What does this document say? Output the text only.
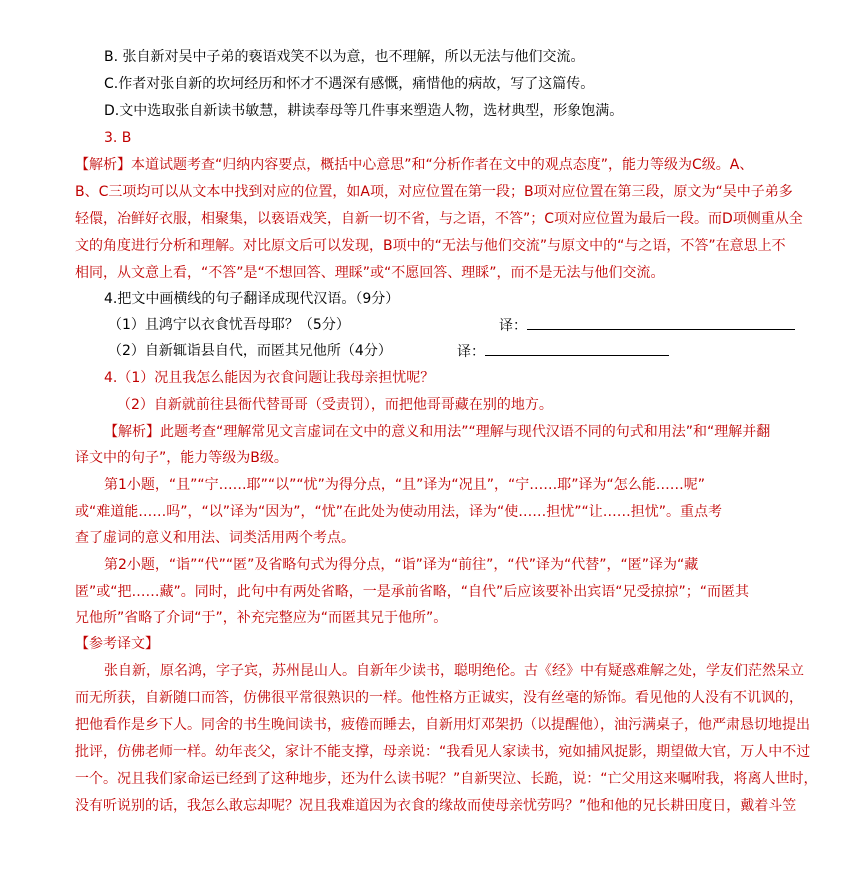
B. 张自新对吴中子弟的亵语戏笑不以为意，也不理解，所以无法与他们交流。
C.作者对张自新的坎坷经历和怀才不遇深有感慨，痛惜他的病故，写了这篇传。
D.文中选取张自新读书敏慧，耕读奉母等几件事来塑造人物，选材典型，形象饱满。
3. B
【解析】本道试题考查“归纳内容要点，概括中心意思”和“分析作者在文中的观点态度”，能力等级为C级。A、
B、C三项均可以从文本中找到对应的位置，如A项，对应位置在第一段；B项对应位置在第三段，原文为“吴中子弟多
轻儇，冶鲜好衣服，相聚集，以亵语戏笑，自新一切不省，与之语，不答”；C项对应位置为最后一段。而D项侧重从全
文的角度进行分析和理解。对比原文后可以发现，B项中的“无法与他们交流”与原文中的“与之语，不答”在意思上不
相同，从文意上看，“不答”是“不想回答、理睬”或“不愿回答、理睬”，而不是无法与他们交流。
4.把文中画横线的句子翻译成现代汉语。（9分）
（1）且鸿宁以衣食忧吾母耶？（5分）	译：
（2）自新辄诣县自代，而匿其兄他所（4分）	译：
4.（1）况且我怎么能因为衣食问题让我母亲担忧呢？
（2）自新就前往县衙代替哥哥（受责罚），而把他哥哥藏在别的地方。
【解析】此题考查“理解常见文言虚词在文中的意义和用法”“理解与现代汉语不同的句式和用法”和“理解并翻
译文中的句子”，能力等级为B级。
第1小题，“且”“宁……耶”“以”“忧”为得分点，“且”译为“况且”，“宁……耶”译为“怎么能……呢”
或“难道能……吗”，“以”译为“因为”，“忧”在此处为使动用法，译为“使……担忧”“让……担忧”。重点考
查了虚词的意义和用法、词类活用两个考点。
第2小题，“诣”“代”“匿”及省略句式为得分点，“诣”译为“前往”，“代”译为“代替”，“匿”译为“藏
匿”或“把……藏”。同时，此句中有两处省略，一是承前省略，“自代”后应该要补出宾语“兄受掠掠”；“而匿其
兄他所”省略了介词“于”，补充完整应为“而匿其兄于他所”。
【参考译文】
张自新，原名鸿，字子宾，苏州昆山人。自新年少读书，聪明绝伦。古《经》中有疑惑难解之处，学友们茫然呆立
而无所获，自新随口而答，仿佛很平常很熟识的一样。他性格方正诚实，没有丝毫的矫饰。看见他的人没有不讥讽的，
把他看作是乡下人。同舍的书生晚间读书，疲倦而睡去，自新用灯邓架扔（以提醒他），油污满桌子，他严肃恳切地提出
批评，仿佛老师一样。幼年丧父，家计不能支撑，母亲说：“我看见人家读书，宛如捕风捉影，期望做大官，万人中不过
一个。况且我们家命运已经到了这种地步，还为什么读书呢？”自新哭泣、长跪，说：“亡父用这来嘱咐我，将离人世时，
没有听说别的话，我怎么敢忘却呢？况且我难道因为衣食的缘故而使母亲忧劳吗？”他和他的兄长耕田度日，戴着斗笠
